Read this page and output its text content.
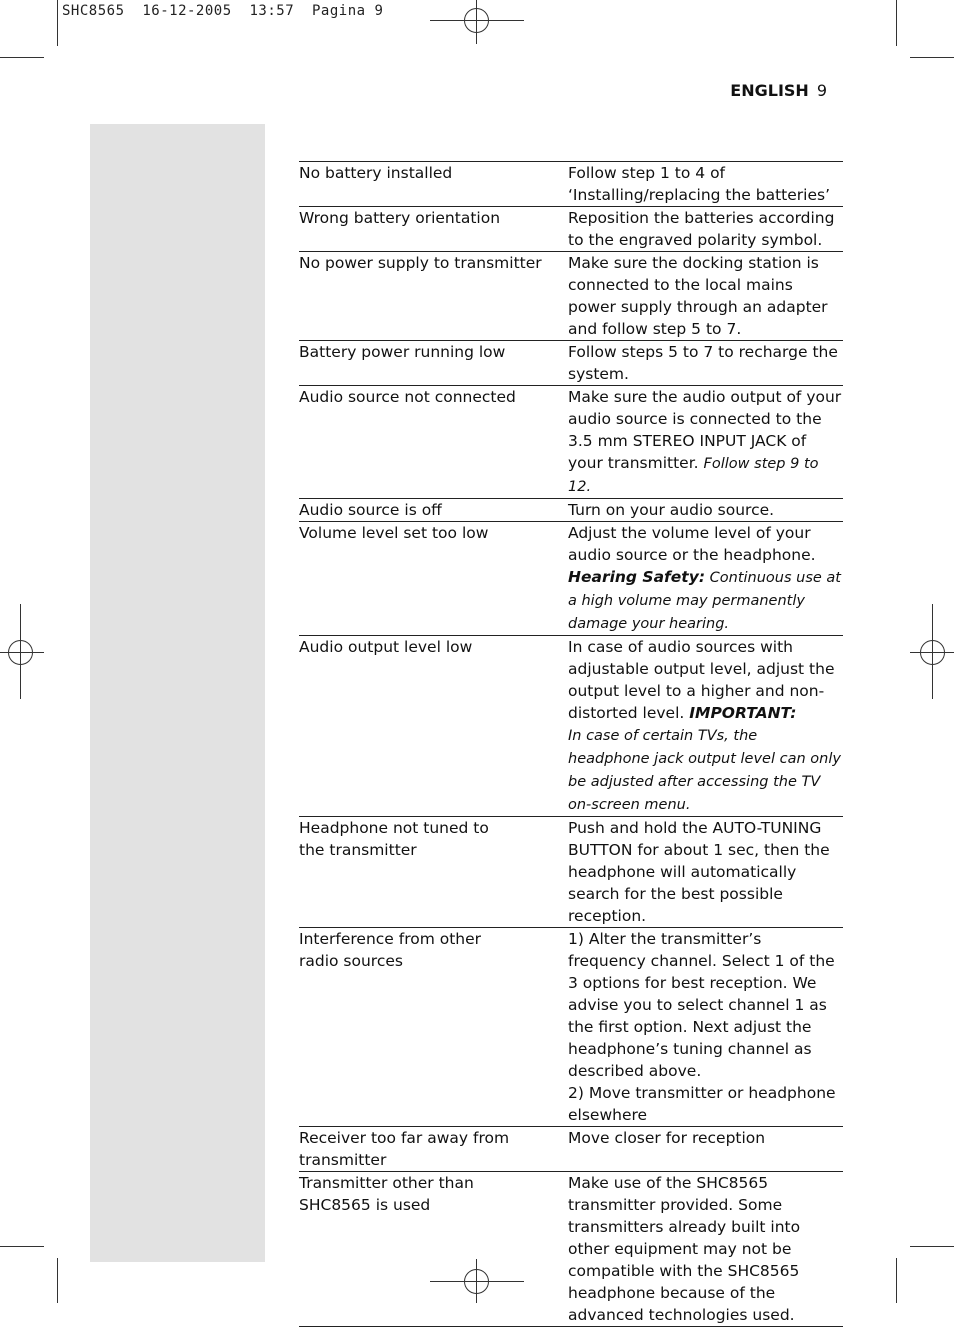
SHC8565  16-12-2005  13:57  Pagina 9
ENGLISH 9
No battery installed	Follow step 1 to 4 of
‘Installing/replacing the batteries’
Wrong battery orientation	Reposition the batteries according to the engraved polarity symbol.
No power supply to transmitter	Make sure the docking station is connected to the local mains power supply through an adapter and follow step 5 to 7.
Battery power running low	Follow steps 5 to 7 to recharge the system.
Audio source not connected	Make sure the audio output of your audio source is connected to the 3.5 mm STEREO INPUT JACK of your transmitter. Follow step 9 to 12.
Audio source is off	Turn on your audio source.
Volume level set too low	Adjust the volume level of your audio source or the headphone.
Hearing Safety: Continuous use at a high volume may permanently damage your hearing.
Audio output level low	In case of audio sources with adjustable output level, adjust the output level to a higher and non-distorted level. IMPORTANT:
In case of certain TVs, the headphone jack output level can only be adjusted after accessing the TV on-screen menu.
Headphone not tuned to
the transmitter	Push and hold the AUTO-TUNING BUTTON for about 1 sec, then the headphone will automatically search for the best possible reception.
Interference from other
radio sources	1) Alter the transmitter’s frequency channel. Select 1 of the 3 options for best reception. We advise you to select channel 1 as the first option. Next adjust the headphone’s tuning channel as described above.
2) Move transmitter or headphone elsewhere
Receiver too far away from transmitter	Move closer for reception
Transmitter other than
SHC8565 is used	Make use of the SHC8565 transmitter provided. Some transmitters already built into other equipment may not be compatible with the SHC8565 headphone because of the advanced technologies used.
